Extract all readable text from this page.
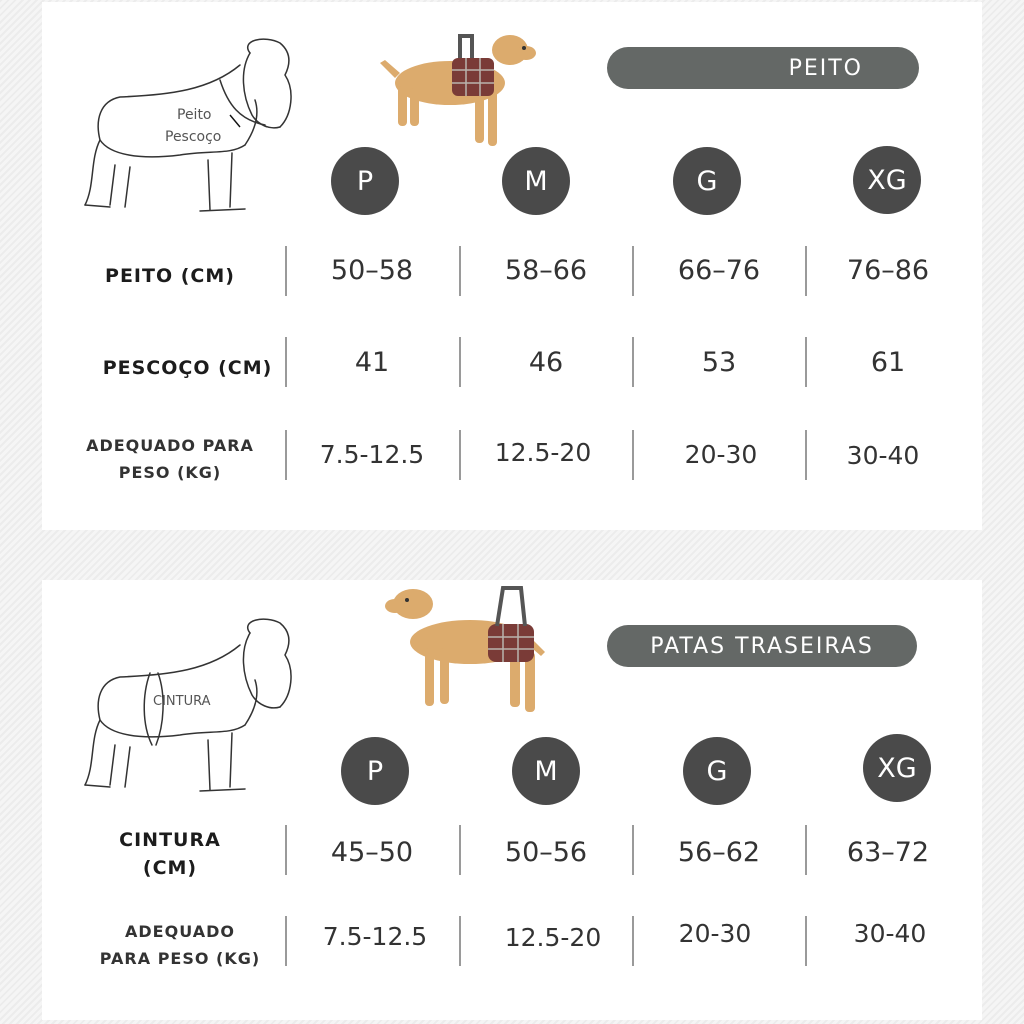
Peito
Pescoço
PEITO
P	M	G	XG
PEITO (CM)	50–58	58–66	66–76	76–86
PESCOÇO (CM)	41	46	53	61
ADEQUADO PARA
PESO (KG)
7.5-12.5	12.5-20	20-30	30-40
CINTURA
PATAS TRASEIRAS
P	M	G	XG
CINTURA
(CM)	45–50	50–56	56–62	63–72
ADEQUADO
PARA PESO (KG)
7.5-12.5	12.5-20	20-30	30-40
